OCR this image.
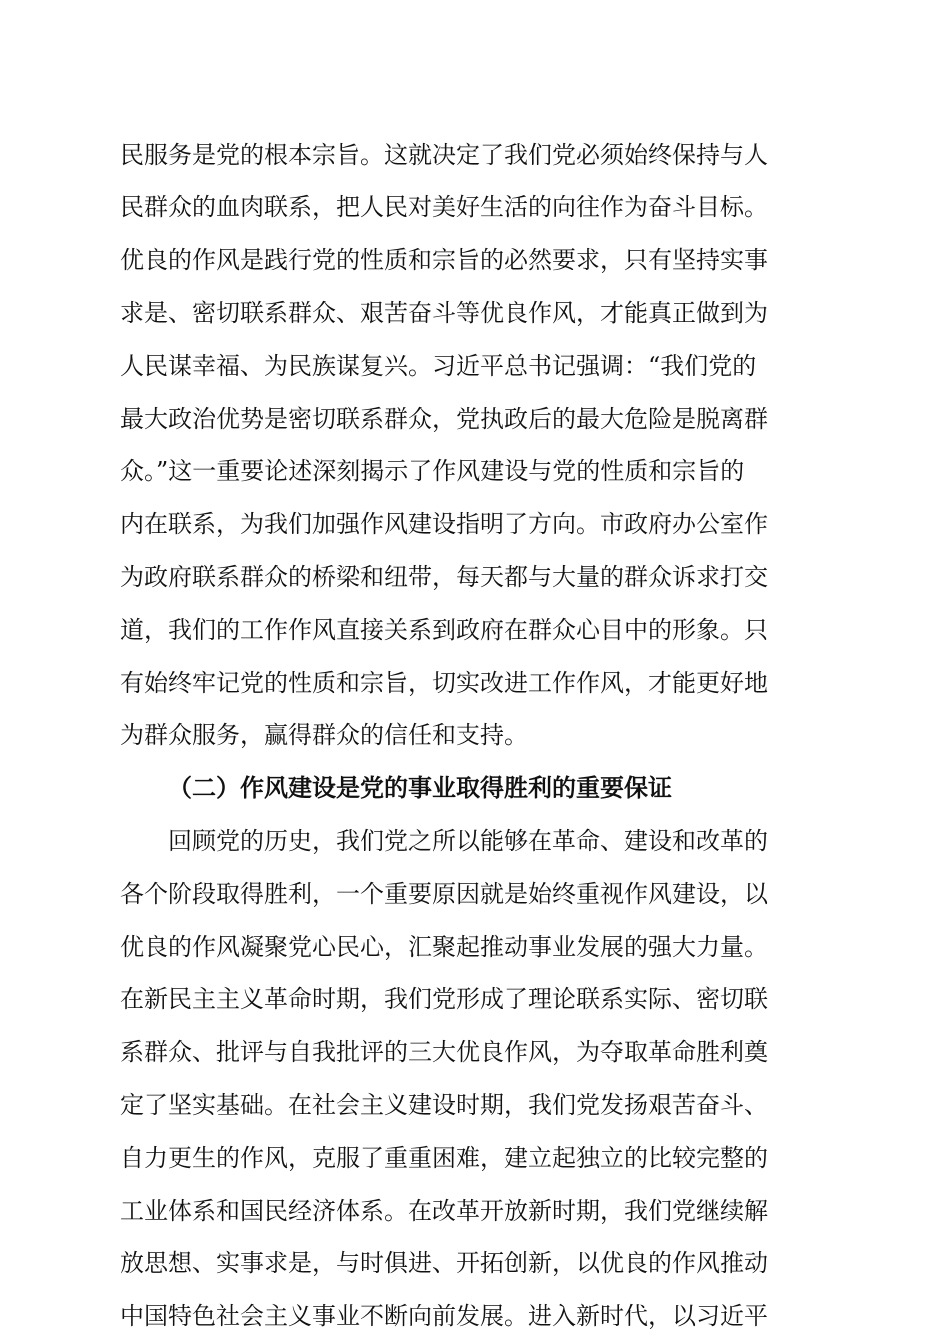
民服务是党的根本宗旨。这就决定了我们党必须始终保持与人
民群众的血肉联系，把人民对美好生活的向往作为奋斗目标。
优良的作风是践行党的性质和宗旨的必然要求，只有坚持实事
求是、密切联系群众、艰苦奋斗等优良作风，才能真正做到为
人民谋幸福、为民族谋复兴。习近平总书记强调：“我们党的
最大政治优势是密切联系群众，党执政后的最大危险是脱离群
众。”这一重要论述深刻揭示了作风建设与党的性质和宗旨的
内在联系，为我们加强作风建设指明了方向。市政府办公室作
为政府联系群众的桥梁和纽带，每天都与大量的群众诉求打交
道，我们的工作作风直接关系到政府在群众心目中的形象。只
有始终牢记党的性质和宗旨，切实改进工作作风，才能更好地
为群众服务，赢得群众的信任和支持。
（二）作风建设是党的事业取得胜利的重要保证
回顾党的历史，我们党之所以能够在革命、建设和改革的
各个阶段取得胜利，一个重要原因就是始终重视作风建设，以
优良的作风凝聚党心民心，汇聚起推动事业发展的强大力量。
在新民主主义革命时期，我们党形成了理论联系实际、密切联
系群众、批评与自我批评的三大优良作风，为夺取革命胜利奠
定了坚实基础。在社会主义建设时期，我们党发扬艰苦奋斗、
自力更生的作风，克服了重重困难，建立起独立的比较完整的
工业体系和国民经济体系。在改革开放新时期，我们党继续解
放思想、实事求是，与时俱进、开拓创新，以优良的作风推动
中国特色社会主义事业不断向前发展。进入新时代，以习近平
